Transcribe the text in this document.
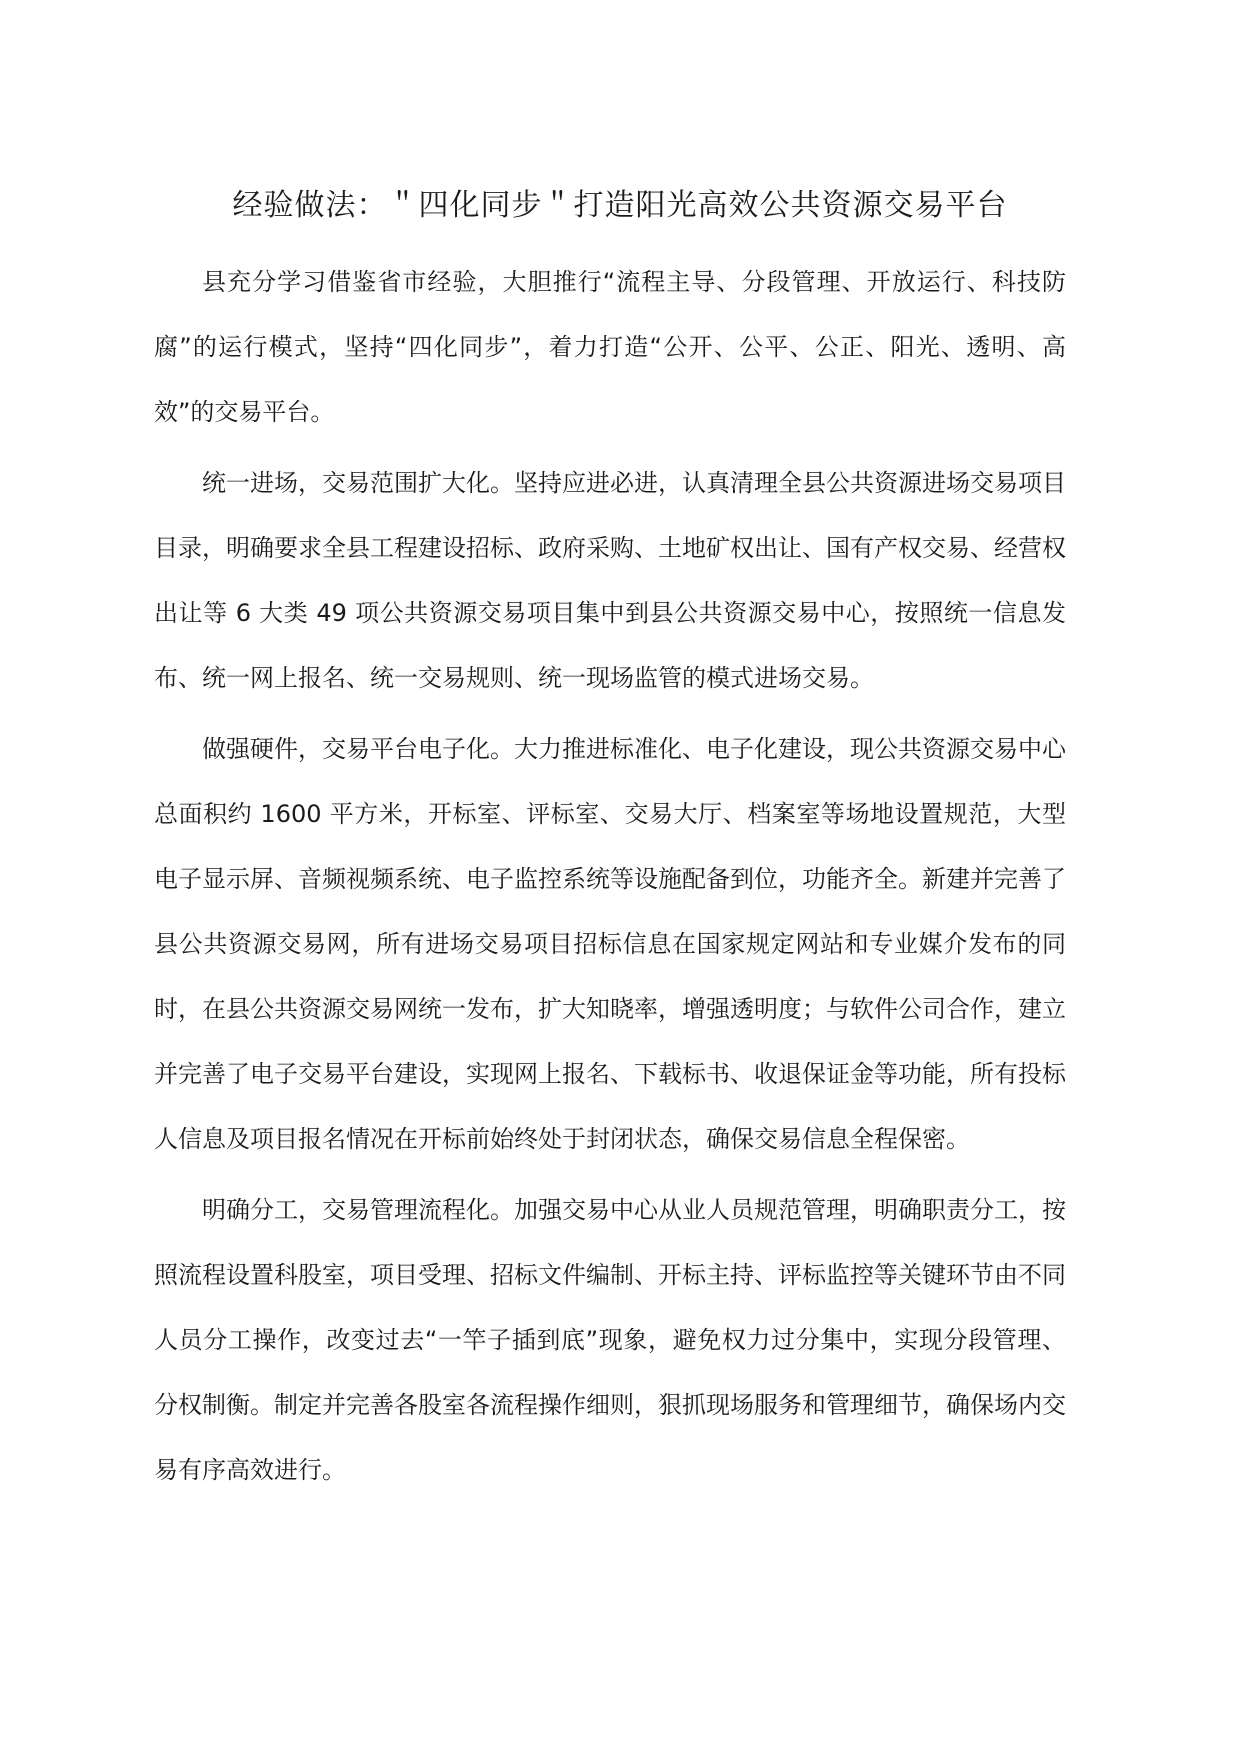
经验做法：＂四化同步＂打造阳光高效公共资源交易平台

县充分学习借鉴省市经验，大胆推行“流程主导、分段管理、开放运行、科技防腐”的运行模式，坚持“四化同步”，着力打造“公开、公平、公正、阳光、透明、高效”的交易平台。

统一进场，交易范围扩大化。坚持应进必进，认真清理全县公共资源进场交易项目目录，明确要求全县工程建设招标、政府采购、土地矿权出让、国有产权交易、经营权出让等 6 大类 49 项公共资源交易项目集中到县公共资源交易中心，按照统一信息发布、统一网上报名、统一交易规则、统一现场监管的模式进场交易。

做强硬件，交易平台电子化。大力推进标准化、电子化建设，现公共资源交易中心总面积约 1600 平方米，开标室、评标室、交易大厅、档案室等场地设置规范，大型电子显示屏、音频视频系统、电子监控系统等设施配备到位，功能齐全。新建并完善了县公共资源交易网，所有进场交易项目招标信息在国家规定网站和专业媒介发布的同时，在县公共资源交易网统一发布，扩大知晓率，增强透明度；与软件公司合作，建立并完善了电子交易平台建设，实现网上报名、下载标书、收退保证金等功能，所有投标人信息及项目报名情况在开标前始终处于封闭状态，确保交易信息全程保密。

明确分工，交易管理流程化。加强交易中心从业人员规范管理，明确职责分工，按照流程设置科股室，项目受理、招标文件编制、开标主持、评标监控等关键环节由不同人员分工操作，改变过去“一竿子插到底”现象，避免权力过分集中，实现分段管理、分权制衡。制定并完善各股室各流程操作细则，狠抓现场服务和管理细节，确保场内交易有序高效进行。
